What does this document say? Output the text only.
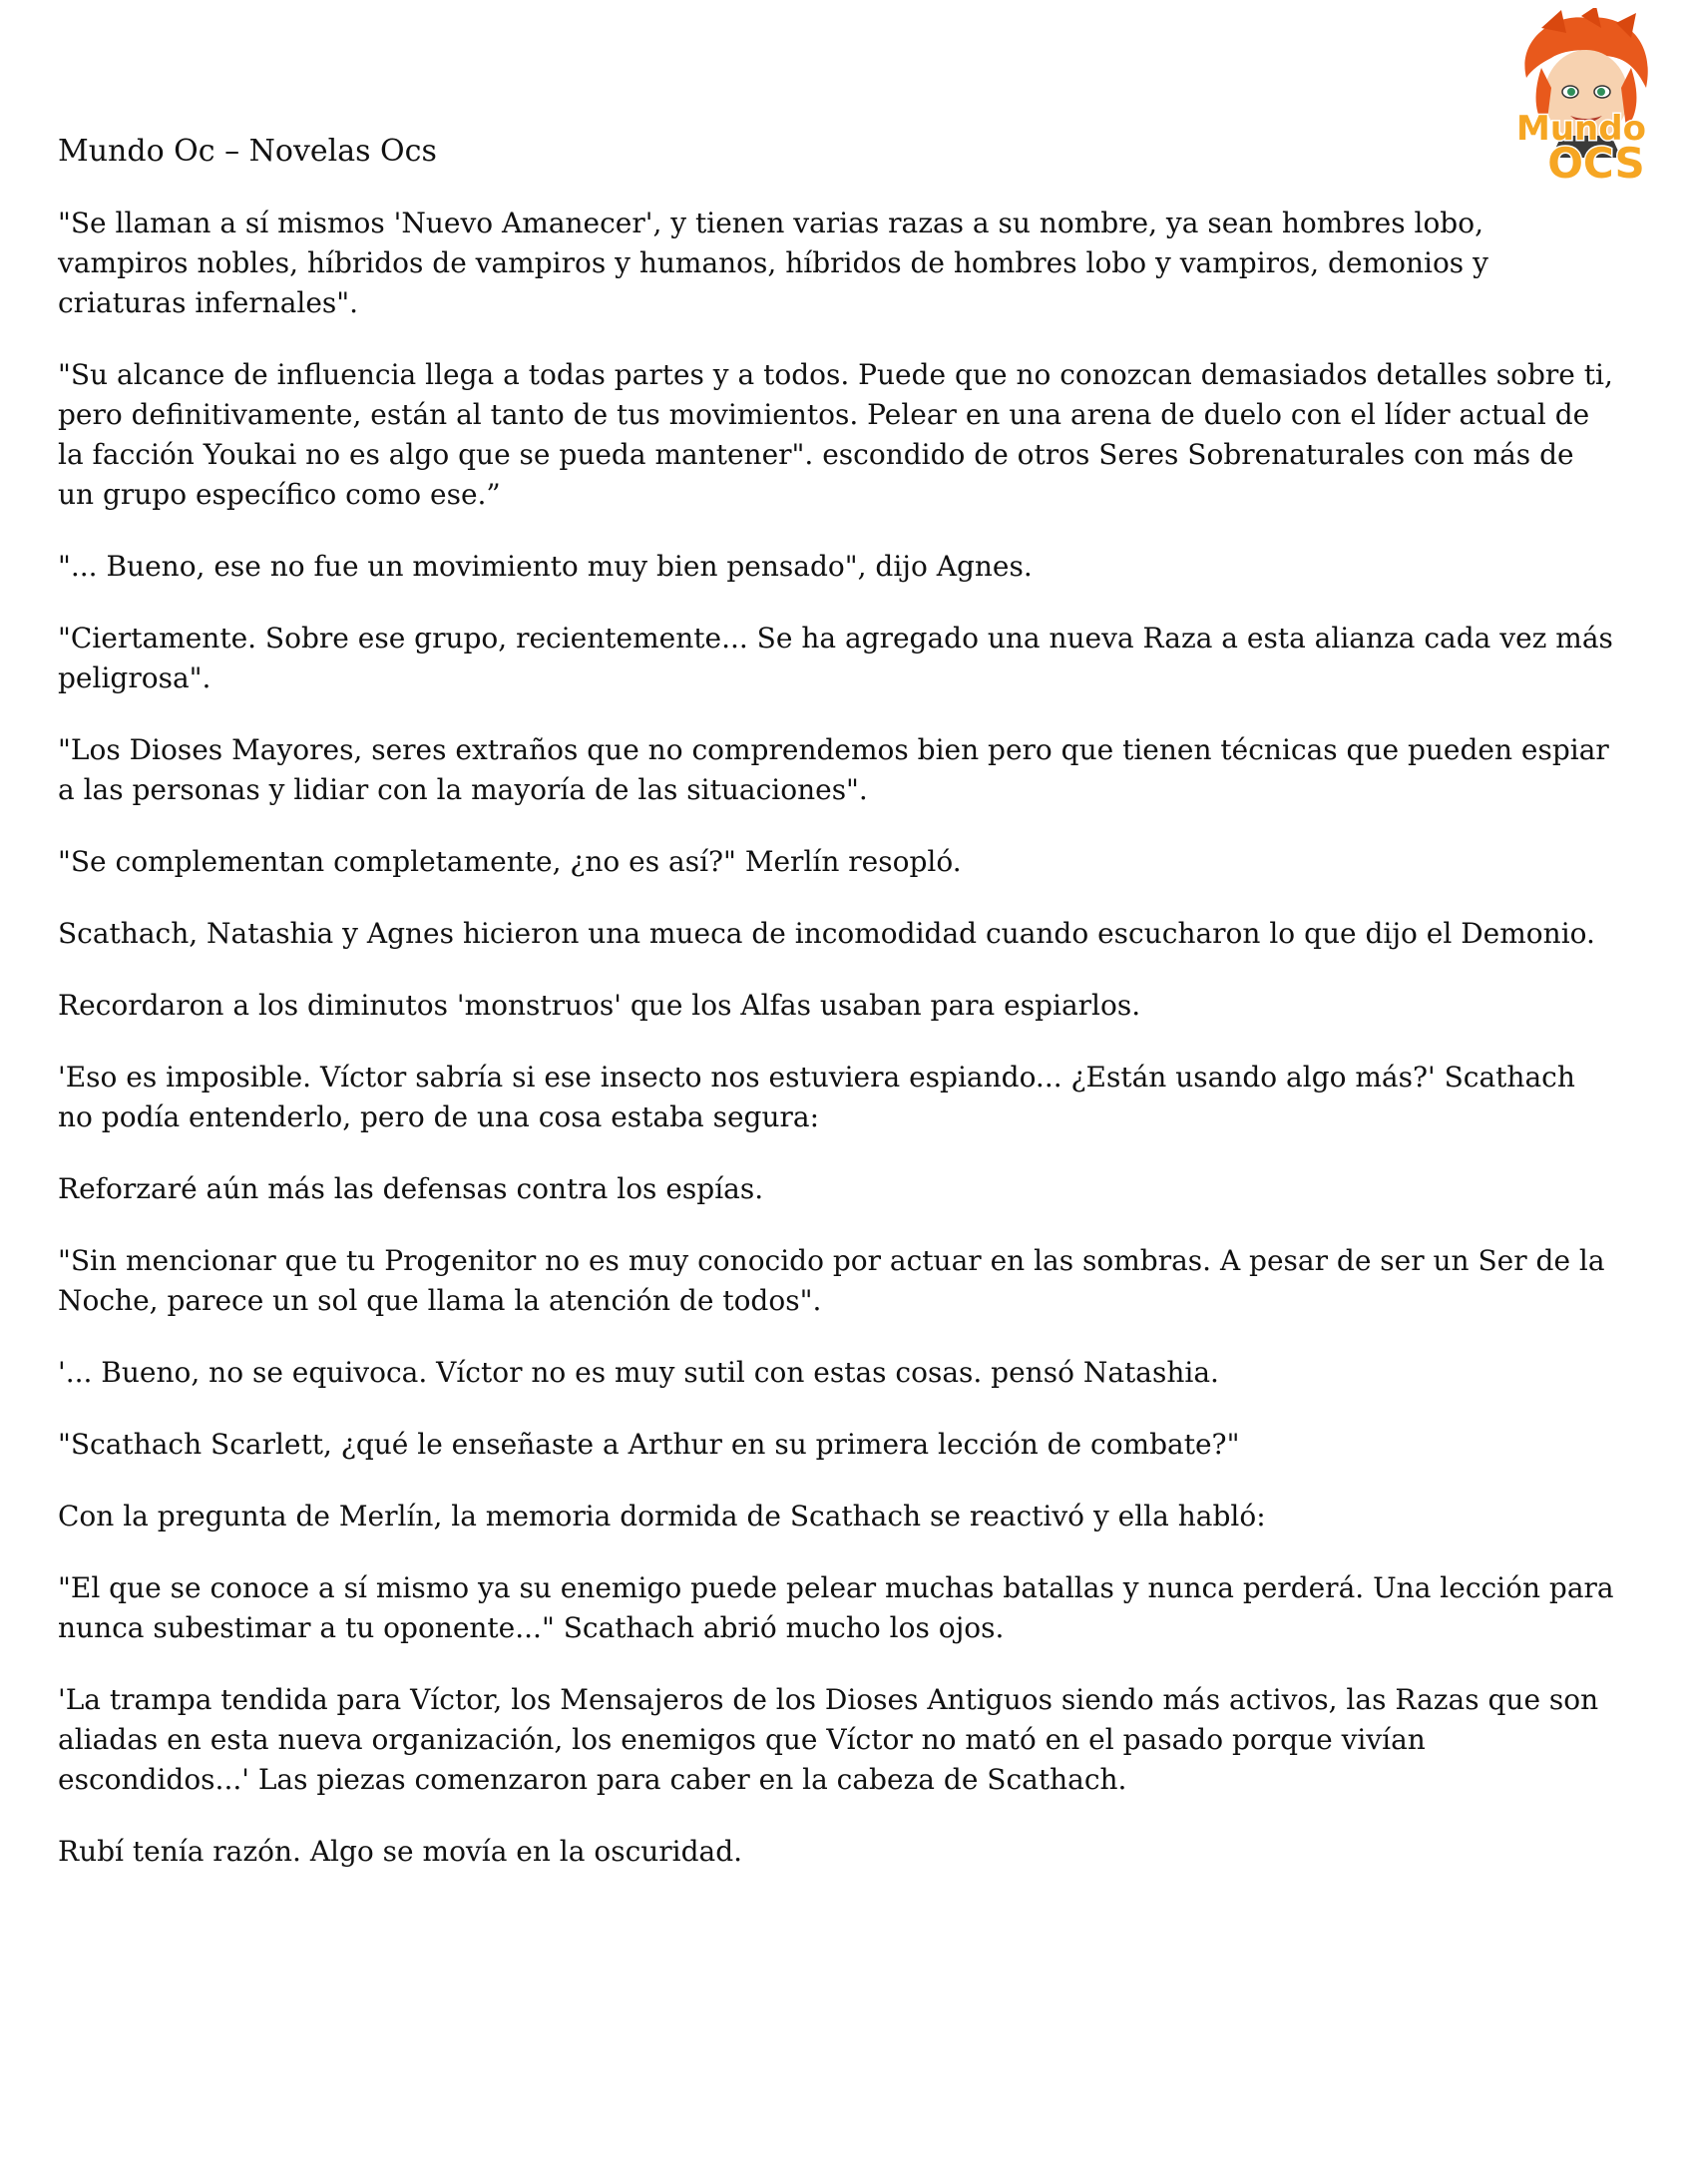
Mundo
OCS
Mundo Oc – Novelas Ocs

"Se llaman a sí mismos 'Nuevo Amanecer', y tienen varias razas a su nombre, ya sean hombres lobo, vampiros nobles, híbridos de vampiros y humanos, híbridos de hombres lobo y vampiros, demonios y criaturas infernales".

"Su alcance de influencia llega a todas partes y a todos. Puede que no conozcan demasiados detalles sobre ti, pero definitivamente, están al tanto de tus movimientos. Pelear en una arena de duelo con el líder actual de la facción Youkai no es algo que se pueda mantener". escondido de otros Seres Sobrenaturales con más de un grupo específico como ese.”

"... Bueno, ese no fue un movimiento muy bien pensado", dijo Agnes.

"Ciertamente. Sobre ese grupo, recientemente... Se ha agregado una nueva Raza a esta alianza cada vez más peligrosa".

"Los Dioses Mayores, seres extraños que no comprendemos bien pero que tienen técnicas que pueden espiar a las personas y lidiar con la mayoría de las situaciones".

"Se complementan completamente, ¿no es así?" Merlín resopló.

Scathach, Natashia y Agnes hicieron una mueca de incomodidad cuando escucharon lo que dijo el Demonio.

Recordaron a los diminutos 'monstruos' que los Alfas usaban para espiarlos.

'Eso es imposible. Víctor sabría si ese insecto nos estuviera espiando... ¿Están usando algo más?' Scathach no podía entenderlo, pero de una cosa estaba segura:

Reforzaré aún más las defensas contra los espías.

"Sin mencionar que tu Progenitor no es muy conocido por actuar en las sombras. A pesar de ser un Ser de la Noche, parece un sol que llama la atención de todos".

'... Bueno, no se equivoca. Víctor no es muy sutil con estas cosas. pensó Natashia.

"Scathach Scarlett, ¿qué le enseñaste a Arthur en su primera lección de combate?"

Con la pregunta de Merlín, la memoria dormida de Scathach se reactivó y ella habló:

"El que se conoce a sí mismo ya su enemigo puede pelear muchas batallas y nunca perderá. Una lección para nunca subestimar a tu oponente..." Scathach abrió mucho los ojos.

'La trampa tendida para Víctor, los Mensajeros de los Dioses Antiguos siendo más activos, las Razas que son aliadas en esta nueva organización, los enemigos que Víctor no mató en el pasado porque vivían escondidos...' Las piezas comenzaron para caber en la cabeza de Scathach.

Rubí tenía razón. Algo se movía en la oscuridad.
